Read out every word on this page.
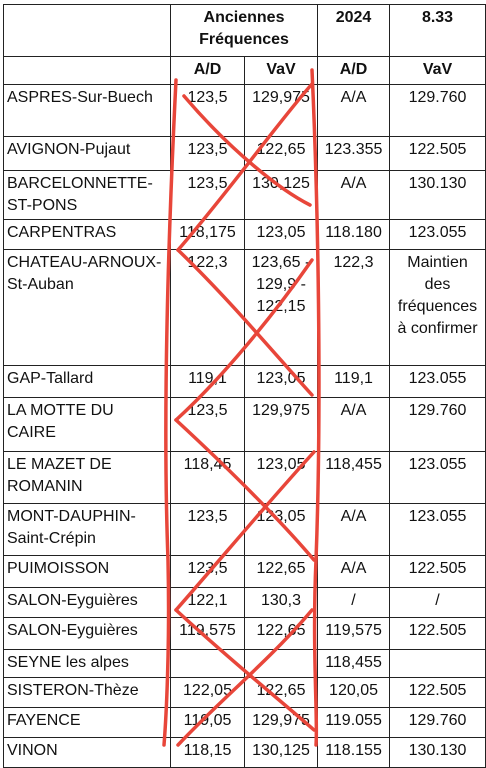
	Anciennes Fréquences		2024	8.33
	A/D	VaV	A/D	VaV
ASPRES-Sur-Buech	123,5	129,975	A/A	129.760
AVIGNON-Pujaut	123,5	122,65	123.355	122.505
BARCELONNETTE-ST-PONS	123,5	130,125	A/A	130.130
CARPENTRAS	118,175	123,05	118.180	123.055
CHATEAU-ARNOUX-St-Auban	122,3	123,65 - 129,9 - 122,15	122,3	Maintien des fréquences à confirmer
GAP-Tallard	119,1	123,05	119,1	123.055
LA MOTTE DU CAIRE	123,5	129,975	A/A	129.760
LE MAZET DE ROMANIN	118,45	123,05	118,455	123.055
MONT-DAUPHIN-Saint-Crépin	123,5	123,05	A/A	123.055
PUIMOISSON	123,5	122,65	A/A	122.505
SALON-Eyguières	122,1	130,3	/	/
SALON-Eyguières	119,575	122,65	119,575	122.505
SEYNE les alpes			118,455	
SISTERON-Thèze	122,05	122,65	120,05	122.505
FAYENCE	119,05	129,975	119.055	129.760
VINON	118,15	130,125	118.155	130.130
